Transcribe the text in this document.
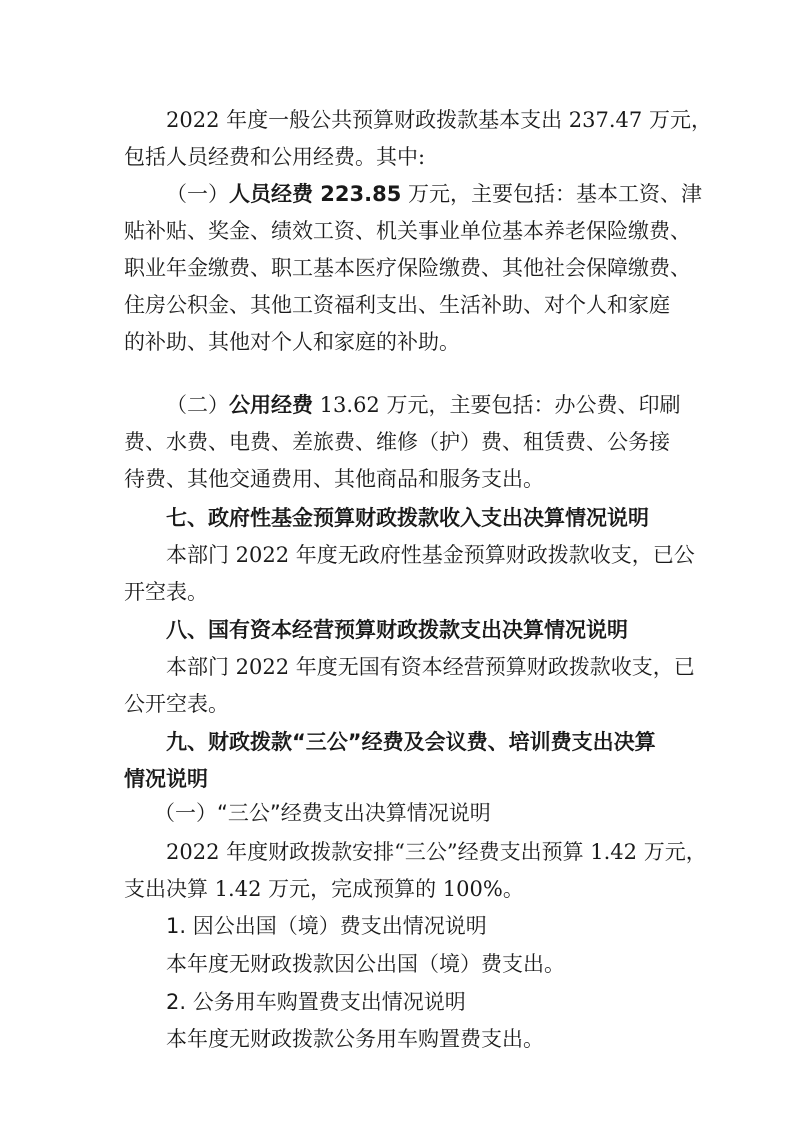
2022 年度一般公共预算财政拨款基本支出 237.47 万元，
包括人员经费和公用经费。其中:
（一）人员经费 223.85 万元，主要包括：基本工资、津
贴补贴、奖金、绩效工资、机关事业单位基本养老保险缴费、
职业年金缴费、职工基本医疗保险缴费、其他社会保障缴费、
住房公积金、其他工资福利支出、生活补助、对个人和家庭
的补助、其他对个人和家庭的补助。
（二）公用经费 13.62 万元，主要包括：办公费、印刷
费、水费、电费、差旅费、维修（护）费、租赁费、公务接
待费、其他交通费用、其他商品和服务支出。
七、政府性基金预算财政拨款收入支出决算情况说明
本部门 2022 年度无政府性基金预算财政拨款收支，已公
开空表。
八、国有资本经营预算财政拨款支出决算情况说明
本部门 2022 年度无国有资本经营预算财政拨款收支，已
公开空表。
九、财政拨款“三公”经费及会议费、培训费支出决算
情况说明
（一）“三公”经费支出决算情况说明
2022 年度财政拨款安排“三公”经费支出预算 1.42 万元，
支出决算 1.42 万元，完成预算的 100%。
1. 因公出国（境）费支出情况说明
本年度无财政拨款因公出国（境）费支出。
2. 公务用车购置费支出情况说明
本年度无财政拨款公务用车购置费支出。
